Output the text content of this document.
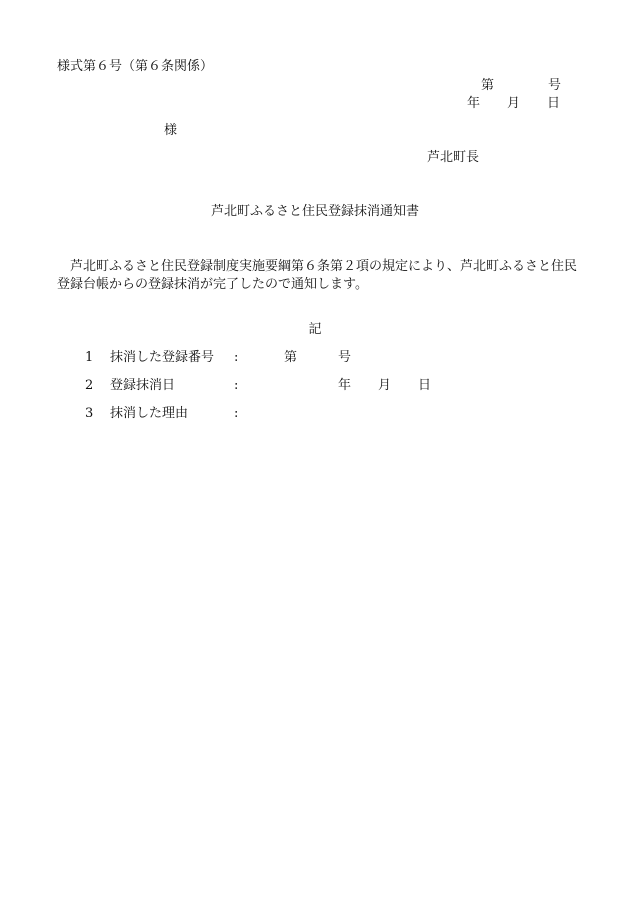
様式第６号（第６条関係）
第	号
年 月 日
様
芦北町長
芦北町ふるさと住民登録抹消通知書
芦北町ふるさと住民登録制度実施要綱第６条第２項の規定により、芦北町ふるさと住民登録台帳からの登録抹消が完了したので通知します。
記
1 抹消した登録番号 :	第	号
2 登録抹消日	:	年 月 日
3 抹消した理由	:
